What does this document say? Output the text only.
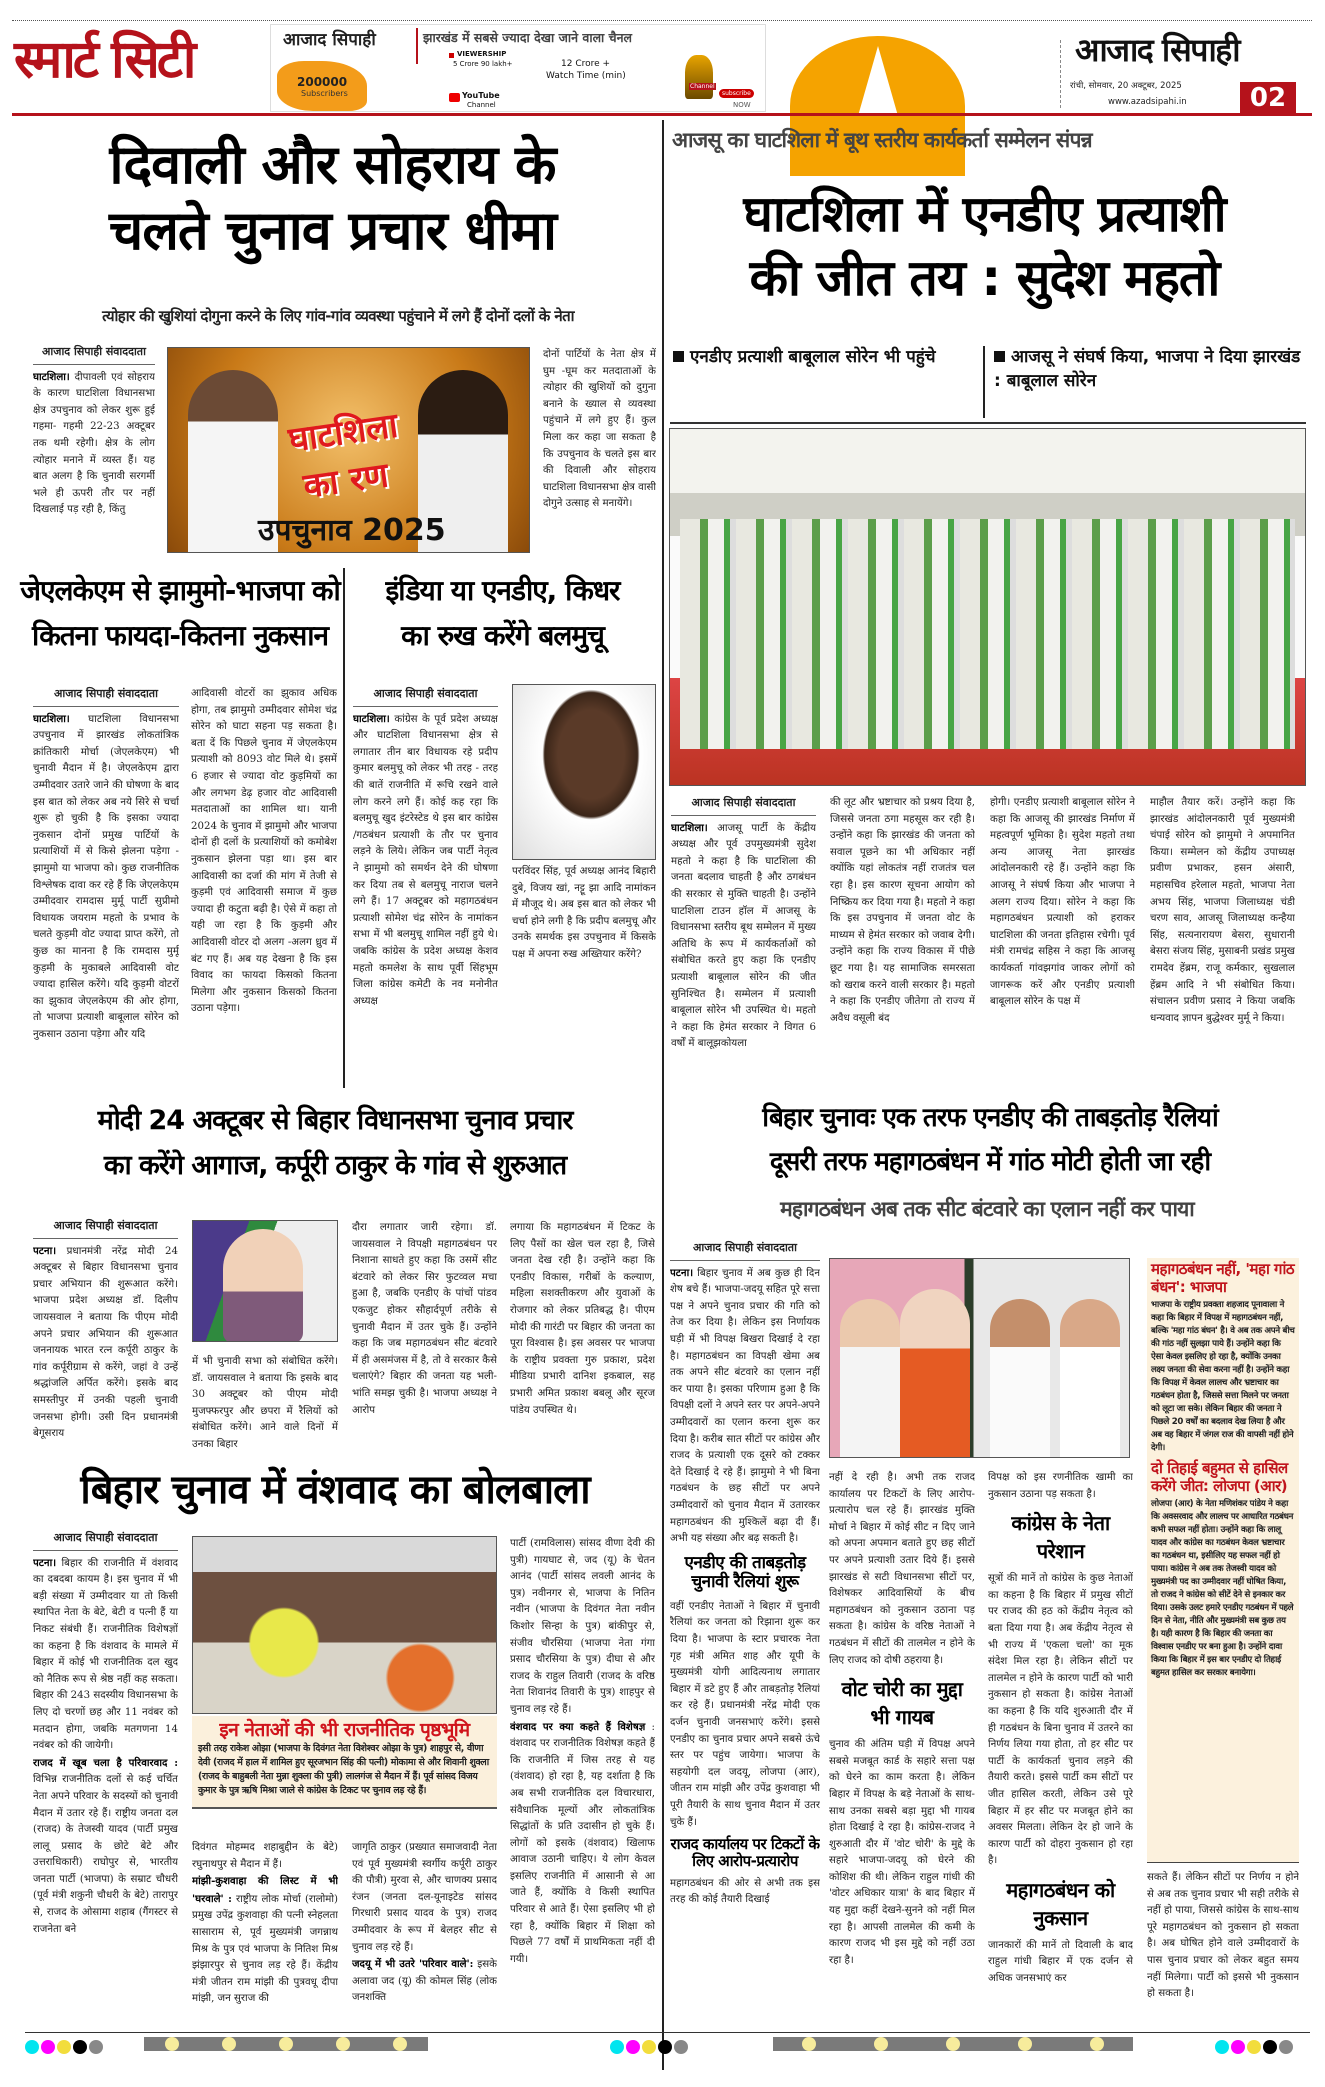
स्मार्ट सिटी	आजाद सिपाही	झारखंड में सबसे ज्यादा देखा जाने वाला चैनल
200000
Subscribers
VIEWERSHIP
5 Crore 90 lakh+	12 Crore +
Watch Time (min)
YouTube
Channel
Channel
subscribe
NOW
आजाद सिपाही
रांची, सोमवार, 20 अक्टूबर, 2025
www.azadsipahi.in	02
दिवाली और सोहराय के
चलते चुनाव प्रचार धीमा
त्योहार की खुशियां दोगुना करने के लिए गांव-गांव व्यवस्था पहुंचाने में लगे हैं दोनों दलों के नेता
आजाद सिपाही संवाददाता
घाटशिला। दीपावली एवं सोहराय के कारण घाटशिला विधानसभा क्षेत्र उपचुनाव को लेकर शुरू हुई गहमा- गहमी 22-23 अक्टूबर तक थमी रहेगी। क्षेत्र के लोग त्योहार मनाने में व्यस्त हैं। यह बात अलग है कि चुनावी सरगर्मी भले ही ऊपरी तौर पर नहीं दिखलाई पड़ रही है, किंतु
घाटशिला
का रण
उपचुनाव 2025
दोनों पार्टियों के नेता क्षेत्र में घुम -घूम कर मतदाताओं के त्योहार की खुशियों को दुगुना बनाने के ख्याल से व्यवस्था पहुंचाने में लगे हुए हैं। कुल मिला कर कहा जा सकता है कि उपचुनाव के चलते इस बार की दिवाली और सोहराय घाटशिला विधानसभा क्षेत्र वासी दोगुने उत्साह से मनायेंगे।
जेएलकेएम से झामुमो-भाजपा को
कितना फायदा-कितना नुकसान
आजाद सिपाही संवाददाता
घाटशिला। घाटशिला विधानसभा उपचुनाव में झारखंड लोकतांत्रिक क्रांतिकारी मोर्चा (जेएलकेएम) भी चुनावी मैदान में है। जेएलकेएम द्वारा उम्मीदवार उतारे जाने की घोषणा के बाद इस बात को लेकर अब नये सिरे से चर्चा शुरू हो चुकी है कि इसका ज्यादा नुकसान दोनों प्रमुख पार्टियों के प्रत्याशियों में से किसे झेलना पड़ेगा - झामुमो या भाजपा को। कुछ राजनीतिक विश्लेषक दावा कर रहे हैं कि जेएलकेएम उम्मीदवार रामदास मुर्मू पार्टी सुप्रीमो विधायक जयराम महतो के प्रभाव के चलते कुड़मी वोट ज्यादा प्राप्त करेंगे, तो कुछ का मानना है कि रामदास मुर्मू कुड़मी के मुकाबले आदिवासी वोट ज्यादा हासिल करेंगे। यदि कुड़मी वोटरों का झुकाव जेएलकेएम की ओर होगा, तो भाजपा प्रत्याशी बाबूलाल सोरेन को नुकसान उठाना पड़ेगा और यदि
आदिवासी वोटरों का झुकाव अधिक होगा, तब झामुमो उम्मीदवार सोमेश चंद्र सोरेन को घाटा सहना पड़ सकता है। बता दें कि पिछले चुनाव में जेएलकेएम प्रत्याशी को 8093 वोट मिले थे। इसमें 6 हजार से ज्यादा वोट कुड़मियों का और लगभग डेढ़ हजार वोट आदिवासी मतदाताओं का शामिल था। यानी 2024 के चुनाव में झामुमो और भाजपा दोनों ही दलों के प्रत्याशियों को कमोबेश नुकसान झेलना पड़ा था। इस बार आदिवासी का दर्जा की मांग में तेजी से कुड़मी एवं आदिवासी समाज में कुछ ज्यादा ही कटुता बढ़ी है। ऐसे में कहा तो यही जा रहा है कि कुड़मी और आदिवासी वोटर दो अलग -अलग ध्रुव में बंट गए हैं। अब यह देखना है कि इस विवाद का फायदा किसको कितना मिलेगा और नुकसान किसको कितना उठाना पड़ेगा।
इंडिया या एनडीए, किधर
का रुख करेंगे बलमुचू
आजाद सिपाही संवाददाता
घाटशिला। कांग्रेस के पूर्व प्रदेश अध्यक्ष और घाटशिला विधानसभा क्षेत्र से लगातार तीन बार विधायक रहे प्रदीप कुमार बलमुचू को लेकर भी तरह - तरह की बातें राजनीति में रूचि रखने वाले लोग करने लगे हैं। कोई कह रहा कि बलमुचू खुद इंटरेस्टेड थे इस बार कांग्रेस /गठबंधन प्रत्याशी के तौर पर चुनाव लड़ने के लिये। लेकिन जब पार्टी नेतृत्व ने झामुमो को समर्थन देने की घोषणा कर दिया तब से बलमुचू नाराज चलने लगे हैं। 17 अक्टूबर को महागठबंधन प्रत्याशी सोमेश चंद्र सोरेन के नामांकन सभा में भी बलमुचू शामिल नहीं हुये थे। जबकि कांग्रेस के प्रदेश अध्यक्ष केशव महतो कमलेश के साथ पूर्वी सिंहभूम जिला कांग्रेस कमेटी के नव मनोनीत अध्यक्ष
परविंदर सिंह, पूर्व अध्यक्ष आनंद बिहारी दुबे, विजय खां, नट्टू झा आदि नामांकन में मौजूद थे। अब इस बात को लेकर भी चर्चा होने लगी है कि प्रदीप बलमुचू और उनके समर्थक इस उपचुनाव में किसके पक्ष में अपना रुख अख्तियार करेंगे?
आजसू का घाटशिला में बूथ स्तरीय कार्यकर्ता सम्मेलन संपन्न
घाटशिला में एनडीए प्रत्याशी
की जीत तय : सुदेश महतो
एनडीए प्रत्याशी बाबूलाल सोरेन भी पहुंचे	आजसू ने संघर्ष किया, भाजपा ने दिया झारखंड : बाबूलाल सोरेन
आजाद सिपाही संवाददाता
घाटशिला। आजसू पार्टी के केंद्रीय अध्यक्ष और पूर्व उपमुख्यमंत्री सुदेश महतो ने कहा है कि घाटशिला की जनता बदलाव चाहती है और ठगबंधन की सरकार से मुक्ति चाहती है। उन्होंने घाटशिला टाउन हॉल में आजसू के विधानसभा स्तरीय बूथ सम्मेलन में मुख्य अतिथि के रूप में कार्यकर्ताओं को संबोधित करते हुए कहा कि एनडीए प्रत्याशी बाबूलाल सोरेन की जीत सुनिश्चित है। सम्मेलन में प्रत्याशी बाबूलाल सोरेन भी उपस्थित थे। महतो ने कहा कि हेमंत सरकार ने विगत 6 वर्षों में बालूझकोयला
की लूट और भ्रष्टाचार को प्रश्रय दिया है, जिससे जनता ठगा महसूस कर रही है। उन्होंने कहा कि झारखंड की जनता को सवाल पूछने का भी अधिकार नहीं क्योंकि यहां लोकतंत्र नहीं राजतंत्र चल रहा है। इस कारण सूचना आयोग को निष्क्रिय कर दिया गया है। महतो ने कहा कि इस उपचुनाव में जनता वोट के माध्यम से हेमंत सरकार को जवाब देगी। उन्होंने कहा कि राज्य विकास में पीछे छूट गया है। यह सामाजिक समरसता को खराब करने वाली सरकार है। महतो ने कहा कि एनडीए जीतेगा तो राज्य में अवैध वसूली बंद
होगी। एनडीए प्रत्याशी बाबूलाल सोरेन ने कहा कि आजसू की झारखंड निर्माण में महत्वपूर्ण भूमिका है। सुदेश महतो तथा अन्य आजसू नेता झारखंड आंदोलनकारी रहे हैं। उन्होंने कहा कि आजसू ने संघर्ष किया और भाजपा ने अलग राज्य दिया। सोरेन ने कहा कि महागठबंधन प्रत्याशी को हराकर घाटशिला की जनता इतिहास रचेगी। पूर्व मंत्री रामचंद्र सहिस ने कहा कि आजसू कार्यकर्ता गांवझगांव जाकर लोगों को जागरूक करें और एनडीए प्रत्याशी बाबूलाल सोरेन के पक्ष में
माहौल तैयार करें। उन्होंने कहा कि झारखंड आंदोलनकारी पूर्व मुख्यमंत्री चंपाई सोरेन को झामुमो ने अपमानित किया। सम्मेलन को केंद्रीय उपाध्यक्ष प्रवीण प्रभाकर, हसन अंसारी, महासचिव हरेलाल महतो, भाजपा नेता अभय सिंह, भाजपा जिलाध्यक्ष चंडी चरण साव, आजसू जिलाध्यक्ष कन्हैया सिंह, सत्यनारायण बेसरा, सुधारानी बेसरा संजय सिंह, मुसाबनी प्रखंड प्रमुख रामदेव हेंब्रम, राजू कर्मकार, सुखलाल हेंब्रम आदि ने भी संबोधित किया। संचालन प्रवीण प्रसाद ने किया जबकि धन्यवाद ज्ञापन बुद्धेश्वर मुर्मू ने किया।
मोदी 24 अक्टूबर से बिहार विधानसभा चुनाव प्रचार
का करेंगे आगाज, कर्पूरी ठाकुर के गांव से शुरुआत
आजाद सिपाही संवाददाता
पटना। प्रधानमंत्री नरेंद्र मोदी 24 अक्टूबर से बिहार विधानसभा चुनाव प्रचार अभियान की शुरूआत करेंगे। भाजपा प्रदेश अध्यक्ष डॉ. दिलीप जायसवाल ने बताया कि पीएम मोदी अपने प्रचार अभियान की शुरूआत जननायक भारत रत्न कर्पूरी ठाकुर के गांव कर्पूरीग्राम से करेंगे, जहां वे उन्हें श्रद्धांजलि अर्पित करेंगे। इसके बाद समस्तीपुर में उनकी पहली चुनावी जनसभा होगी। उसी दिन प्रधानमंत्री बेगूसराय
में भी चुनावी सभा को संबोधित करेंगे। डॉ. जायसवाल ने बताया कि इसके बाद 30 अक्टूबर को पीएम मोदी मुजफ्फरपुर और छपरा में रैलियों को संबोधित करेंगे। आने वाले दिनों में उनका बिहार
दौरा लगातार जारी रहेगा। डॉ. जायसवाल ने विपक्षी महागठबंधन पर निशाना साधते हुए कहा कि उसमें सीट बंटवारे को लेकर सिर फुटव्वल मचा हुआ है, जबकि एनडीए के पांचों पांडव एकजुट होकर सौहार्दपूर्ण तरीके से चुनावी मैदान में उतर चुके हैं। उन्होंने कहा कि जब महागठबंधन सीट बंटवारे में ही असमंजस में है, तो वे सरकार कैसे चलाएंगे? बिहार की जनता यह भली-भांति समझ चुकी है। भाजपा अध्यक्ष ने आरोप
लगाया कि महागठबंधन में टिकट के लिए पैसों का खेल चल रहा है, जिसे जनता देख रही है। उन्होंने कहा कि एनडीए विकास, गरीबों के कल्याण, महिला सशक्तीकरण और युवाओं के रोजगार को लेकर प्रतिबद्ध है। पीएम मोदी की गारंटी पर बिहार की जनता का पूरा विश्वास है। इस अवसर पर भाजपा के राष्ट्रीय प्रवक्ता गुरु प्रकाश, प्रदेश मीडिया प्रभारी दानिश इकबाल, सह प्रभारी अमित प्रकाश बबलू और सूरज पांडेय उपस्थित थे।
बिहार चुनाव में वंशवाद का बोलबाला
आजाद सिपाही संवाददाता
पटना। बिहार की राजनीति में वंशवाद का दबदबा कायम है। इस चुनाव में भी बड़ी संख्या में उम्मीदवार या तो किसी स्थापित नेता के बेटे, बेटी व पत्नी हैं या निकट संबंधी हैं। राजनीतिक विशेषज्ञों का कहना है कि वंशवाद के मामले में बिहार में कोई भी राजनीतिक दल खुद को नैतिक रूप से श्रेष्ठ नहीं कह सकता। बिहार की 243 सदस्यीय विधानसभा के लिए दो चरणों छह और 11 नवंबर को मतदान होगा, जबकि मतगणना 14 नवंबर को की जायेगी।
राजद में खूब चला है परिवारवाद : विभिन्न राजनीतिक दलों से कई चर्चित नेता अपने परिवार के सदस्यों को चुनावी मैदान में उतार रहे हैं। राष्ट्रीय जनता दल (राजद) के तेजस्वी यादव (पार्टी प्रमुख लालू प्रसाद के छोटे बेटे और उत्तराधिकारी) राघोपुर से, भारतीय जनता पार्टी (भाजपा) के सम्राट चौधरी (पूर्व मंत्री शकुनी चौधरी के बेटे) तारापुर से, राजद के ओसामा शहाब (गैंगस्टर से राजनेता बने
इन नेताओं की भी राजनीतिक पृष्ठभूमि
इसी तरह राकेश ओझा (भाजपा के दिवंगत नेता विशेश्वर ओझा के पुत्र) शाहपुर से, वीणा देवी (राजद में हाल में शामिल हुए सूरजभान सिंह की पत्नी) मोकामा से और शिवानी शुक्ला (राजद के बाहुबली नेता मुन्ना शुक्ला की पुत्री) लालगंज से मैदान में हैं। पूर्व सांसद विजय कुमार के पुत्र ऋषि मिश्रा जाले से कांग्रेस के टिकट पर चुनाव लड़ रहे हैं।
दिवंगत मोहम्मद शहाबुद्दीन के बेटे) रघुनाथपुर से मैदान में हैं।
मांझी-कुशवाहा की लिस्ट में भी 'घरवाले' : राष्ट्रीय लोक मोर्चा (रालोमो) प्रमुख उपेंद्र कुशवाहा की पत्नी स्नेहलता सासाराम से, पूर्व मुख्यमंत्री जगन्नाथ मिश्र के पुत्र एवं भाजपा के नितिश मिश्र झंझारपुर से चुनाव लड़ रहे हैं। केंद्रीय मंत्री जीतन राम मांझी की पुत्रवधू दीपा मांझी, जन सुराज की
जागृति ठाकुर (प्रख्यात समाजवादी नेता एवं पूर्व मुख्यमंत्री स्वर्गीय कर्पूरी ठाकुर की पौत्री) मुरवा से, और चाणक्य प्रसाद रंजन (जनता दल-यूनाइटेड सांसद गिरधारी प्रसाद यादव के पुत्र) राजद उम्मीदवार के रूप में बेलहर सीट से चुनाव लड़ रहे हैं।
जदयू में भी उतरे 'परिवार वाले': इसके अलावा जद (यू) की कोमल सिंह (लोक जनशक्ति
पार्टी (रामविलास) सांसद वीणा देवी की पुत्री) गायघाट से, जद (यू) के चेतन आनंद (पार्टी सांसद लवली आनंद के पुत्र) नवीनगर से, भाजपा के नितिन नवीन (भाजपा के दिवंगत नेता नवीन किशोर सिन्हा के पुत्र) बांकीपुर से, संजीव चौरसिया (भाजपा नेता गंगा प्रसाद चौरसिया के पुत्र) दीघा से और राजद के राहुल तिवारी (राजद के वरिष्ठ नेता शिवानंद तिवारी के पुत्र) शाहपुर से चुनाव लड़ रहे हैं।
वंशवाद पर क्या कहते हैं विशेषज्ञ : वंशवाद पर राजनीतिक विशेषज्ञ कहते हैं कि राजनीति में जिस तरह से यह (वंशवाद) हो रहा है, यह दर्शाता है कि अब सभी राजनीतिक दल विचारधारा, संवैधानिक मूल्यों और लोकतांत्रिक सिद्धांतों के प्रति उदासीन हो चुके हैं। लोगों को इसके (वंशवाद) खिलाफ आवाज उठानी चाहिए। ये लोग केवल इसलिए राजनीति में आसानी से आ जाते हैं, क्योंकि वे किसी स्थापित परिवार से आते हैं। ऐसा इसलिए भी हो रहा है, क्योंकि बिहार में शिक्षा को पिछले 77 वर्षों में प्राथमिकता नहीं दी गयी।
बिहार चुनावः एक तरफ एनडीए की ताबड़तोड़ रैलियां
दूसरी तरफ महागठबंधन में गांठ मोटी होती जा रही
महागठबंधन अब तक सीट बंटवारे का एलान नहीं कर पाया
आजाद सिपाही संवाददाता
पटना। बिहार चुनाव में अब कुछ ही दिन शेष बचे हैं। भाजपा-जदयू सहित पूरे सत्ता पक्ष ने अपने चुनाव प्रचार की गति को तेज कर दिया है। लेकिन इस निर्णायक घड़ी में भी विपक्ष बिखरा दिखाई दे रहा है। महागठबंधन का विपक्षी खेमा अब तक अपने सीट बंटवारे का एलान नहीं कर पाया है। इसका परिणाम हुआ है कि विपक्षी दलों ने अपने स्तर पर अपने-अपने उम्मीदवारों का एलान करना शुरू कर दिया है। करीब सात सीटों पर कांग्रेस और राजद के प्रत्याशी एक दूसरे को टक्कर देते दिखाई दे रहे हैं। झामुमो ने भी बिना गठबंधन के छह सीटों पर अपने उम्मीदवारों को चुनाव मैदान में उतारकर महागठबंधन की मुश्किलें बढ़ा दी हैं। अभी यह संख्या और बढ़ सकती है।
एनडीए की ताबड़तोड़ चुनावी रैलियां शुरू
वहीं एनडीए नेताओं ने बिहार में चुनावी रैलियां कर जनता को रिझाना शुरू कर दिया है। भाजपा के स्टार प्रचारक नेता गृह मंत्री अमित शाह और यूपी के मुख्यमंत्री योगी आदित्यनाथ लगातार बिहार में डटे हुए हैं और ताबड़तोड़ रैलियां कर रहे हैं। प्रधानमंत्री नरेंद्र मोदी एक दर्जन चुनावी जनसभाएं करेंगे। इससे एनडीए का चुनाव प्रचार अपने सबसे ऊंचे स्तर पर पहुंच जायेगा। भाजपा के सहयोगी दल जदयू, लोजपा (आर), जीतन राम मांझी और उपेंद्र कुशवाहा भी पूरी तैयारी के साथ चुनाव मैदान में उतर चुके हैं।
राजद कार्यालय पर टिकटों के लिए आरोप-प्रत्यारोप
महागठबंधन की ओर से अभी तक इस तरह की कोई तैयारी दिखाई
नहीं दे रही है। अभी तक राजद कार्यालय पर टिकटों के लिए आरोप-प्रत्यारोप चल रहे हैं। झारखंड मुक्ति मोर्चा ने बिहार में कोई सीट न दिए जाने को अपना अपमान बताते हुए छह सीटों पर अपने प्रत्याशी उतार दिये हैं। इससे झारखंड से सटी विधानसभा सीटों पर, विशेषकर आदिवासियों के बीच महागठबंधन को नुकसान उठाना पड़ सकता है। कांग्रेस के वरिष्ठ नेताओं ने गठबंधन में सीटों की तालमेल न होने के लिए राजद को दोषी ठहराया है।
वोट चोरी का मुद्दा भी गायब
चुनाव की अंतिम घड़ी में विपक्ष अपने सबसे मजबूत कार्ड के सहारे सत्ता पक्ष को घेरने का काम करता है। लेकिन बिहार में विपक्ष के बड़े नेताओं के साथ-साथ उनका सबसे बड़ा मुद्दा भी गायब होता दिखाई दे रहा है। कांग्रेस-राजद ने शुरुआती दौर में 'वोट चोरी' के मुद्दे के सहारे भाजपा-जदयू को घेरने की कोशिश की थी। लेकिन राहुल गांधी की 'वोटर अधिकार यात्रा' के बाद बिहार में यह मुद्दा कहीं देखने-सुनने को नहीं मिल रहा है। आपसी तालमेल की कमी के कारण राजद भी इस मुद्दे को नहीं उठा रहा है।
विपक्ष को इस रणनीतिक खामी का नुकसान उठाना पड़ सकता है।
कांग्रेस के नेता परेशान
सूत्रों की मानें तो कांग्रेस के कुछ नेताओं का कहना है कि बिहार में प्रमुख सीटों पर राजद की हठ को केंद्रीय नेतृत्व को बता दिया गया है। अब केंद्रीय नेतृत्व से भी राज्य में 'एकला चलो' का मूक संदेश मिल रहा है। लेकिन सीटों पर तालमेल न होने के कारण पार्टी को भारी नुकसान हो सकता है। कांग्रेस नेताओं का कहना है कि यदि शुरुआती दौर में ही गठबंधन के बिना चुनाव में उतरने का निर्णय लिया गया होता, तो हर सीट पर पार्टी के कार्यकर्ता चुनाव लड़ने की तैयारी करते। इससे पार्टी कम सीटों पर जीत हासिल करती, लेकिन उसे पूरे बिहार में हर सीट पर मजबूत होने का अवसर मिलता। लेकिन देर हो जाने के कारण पार्टी को दोहरा नुकसान हो रहा है।
महागठबंधन को नुकसान
जानकारों की मानें तो दिवाली के बाद राहुल गांधी बिहार में एक दर्जन से अधिक जनसभाएं कर
महागठबंधन नहीं, 'महा गांठ बंधन': भाजपा
भाजपा के राष्ट्रीय प्रवक्ता शहजाद पूनावाला ने कहा कि बिहार में विपक्ष में महागठबंधन नहीं, बल्कि 'महा गांठ बंधन' है। वे अब तक अपने बीच की गांठ नहीं सुलझा पाये हैं। उन्होंने कहा कि ऐसा केवल इसलिए हो रहा है, क्योंकि उनका लक्ष्य जनता की सेवा करना नहीं है। उन्होंने कहा कि विपक्ष में केवल लालच और भ्रष्टाचार का गठबंधन होता है, जिससे सत्ता मिलने पर जनता को लूटा जा सके। लेकिन बिहार की जनता ने पिछले 20 वर्षों का बदलाव देख लिया है और अब वह बिहार में जंगल राज की वापसी नहीं होने देगी।
दो तिहाई बहुमत से हासिल करेंगे जीत: लोजपा (आर)
लोजपा (आर) के नेता मणिशंकर पांडेय ने कहा कि अवसरवाद और लालच पर आधारित गठबंधन कभी सफल नहीं होता। उन्होंने कहा कि लालू यादव और कांग्रेस का गठबंधन केवल भ्रष्टाचार का गठबंधन था, इसीलिए यह सफल नहीं हो पाया। कांग्रेस ने अब तक तेजस्वी यादव को मुख्यमंत्री पद का उम्मीदवार नहीं घोषित किया, तो राजद ने कांग्रेस को सीटें देने से इनकार कर दिया। उसके उलट हमारे एनडीए गठबंधन में पहले दिन से नेता, नीति और मुख्यमंत्री सब कुछ तय है। यही कारण है कि बिहार की जनता का विश्वास एनडीए पर बना हुआ है। उन्होंने दावा किया कि बिहार में इस बार एनडीए दो तिहाई बहुमत हासिल कर सरकार बनायेगा।
सकते हैं। लेकिन सीटों पर निर्णय न होने से अब तक चुनाव प्रचार भी सही तरीके से नहीं हो पाया, जिससे कांग्रेस के साथ-साथ पूरे महागठबंधन को नुकसान हो सकता है। अब घोषित होने वाले उम्मीदवारों के पास चुनाव प्रचार को लेकर बहुत समय नहीं मिलेगा। पार्टी को इससे भी नुकसान हो सकता है।
